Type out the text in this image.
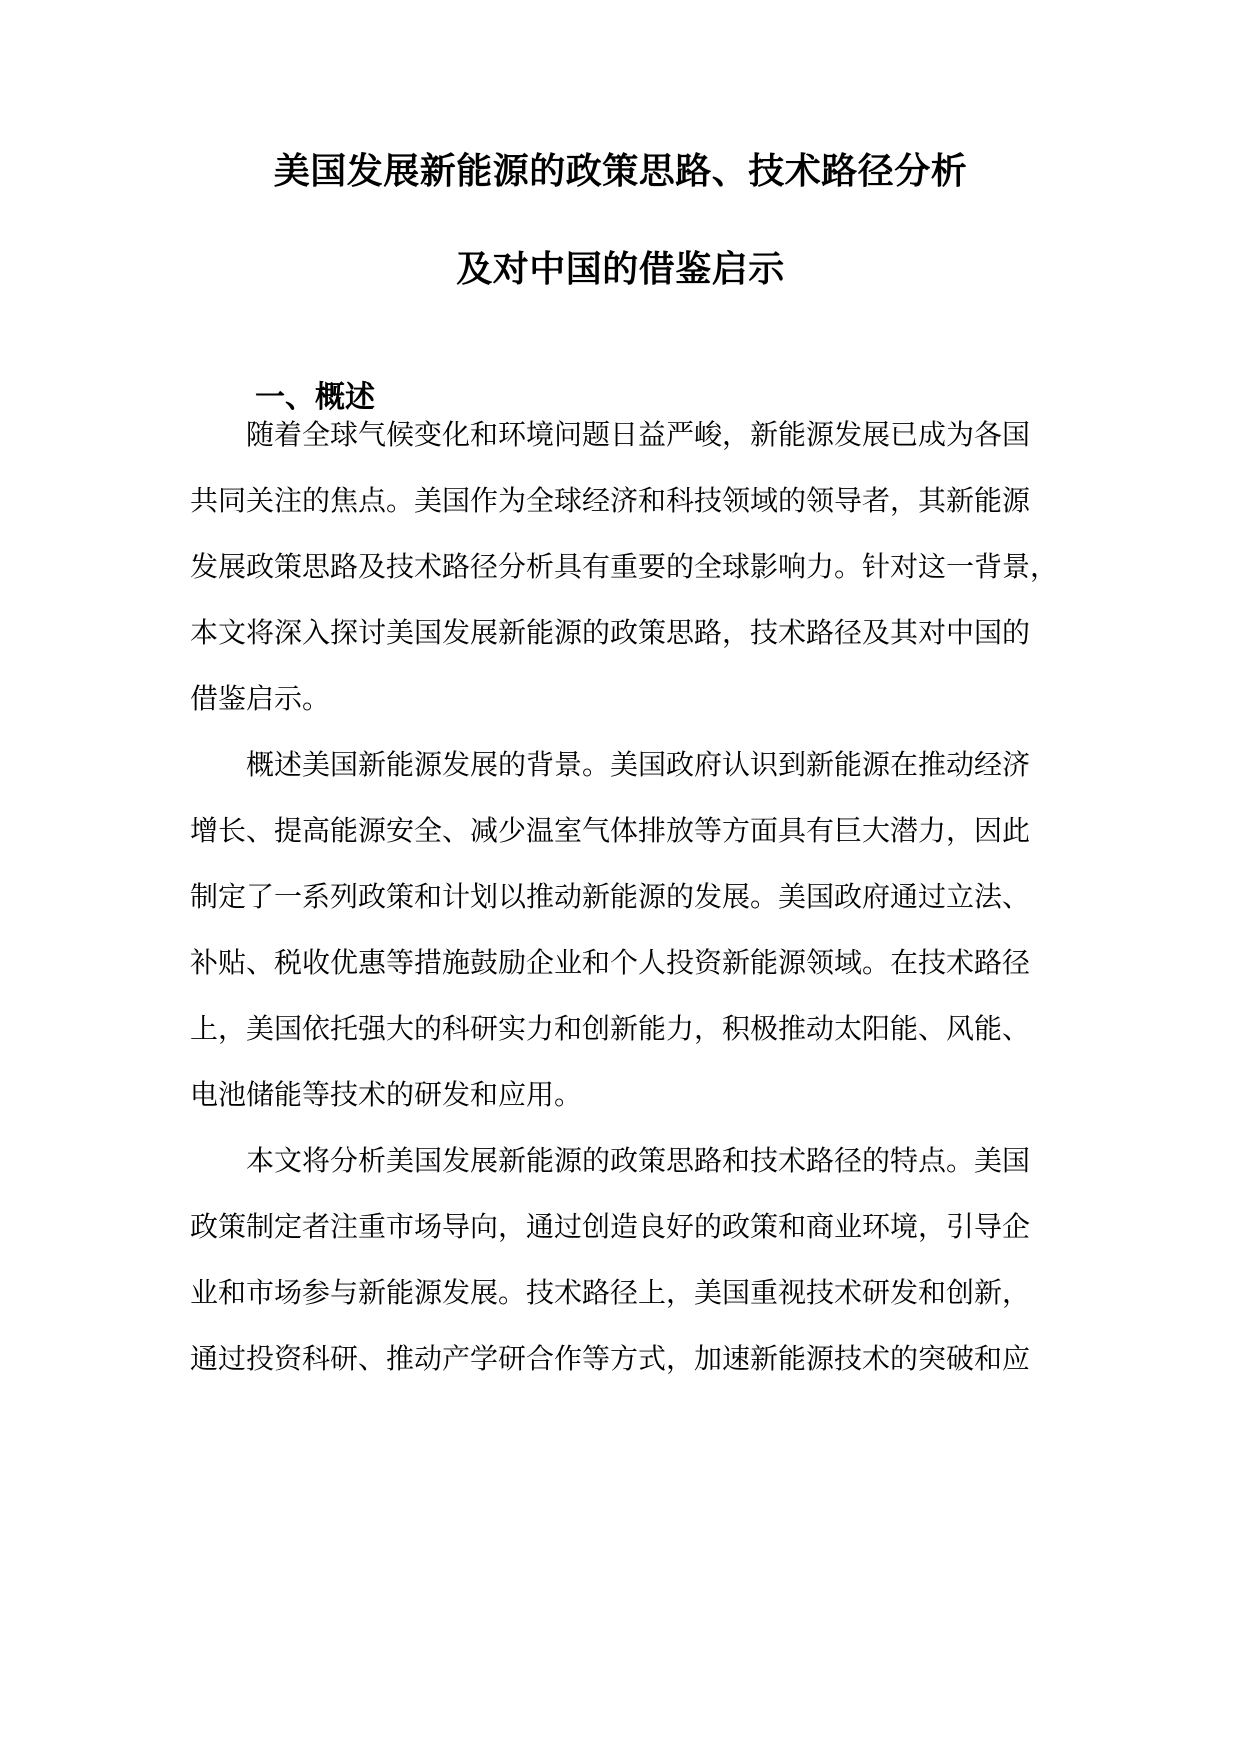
美国发展新能源的政策思路、技术路径分析
及对中国的借鉴启示
一、概述
随着全球气候变化和环境问题日益严峻，新能源发展已成为各国
共同关注的焦点。美国作为全球经济和科技领域的领导者，其新能源
发展政策思路及技术路径分析具有重要的全球影响力。针对这一背景，
本文将深入探讨美国发展新能源的政策思路，技术路径及其对中国的
借鉴启示。
概述美国新能源发展的背景。美国政府认识到新能源在推动经济
增长、提高能源安全、减少温室气体排放等方面具有巨大潜力，因此
制定了一系列政策和计划以推动新能源的发展。美国政府通过立法、
补贴、税收优惠等措施鼓励企业和个人投资新能源领域。在技术路径
上，美国依托强大的科研实力和创新能力，积极推动太阳能、风能、
电池储能等技术的研发和应用。
本文将分析美国发展新能源的政策思路和技术路径的特点。美国
政策制定者注重市场导向，通过创造良好的政策和商业环境，引导企
业和市场参与新能源发展。技术路径上，美国重视技术研发和创新，
通过投资科研、推动产学研合作等方式，加速新能源技术的突破和应
